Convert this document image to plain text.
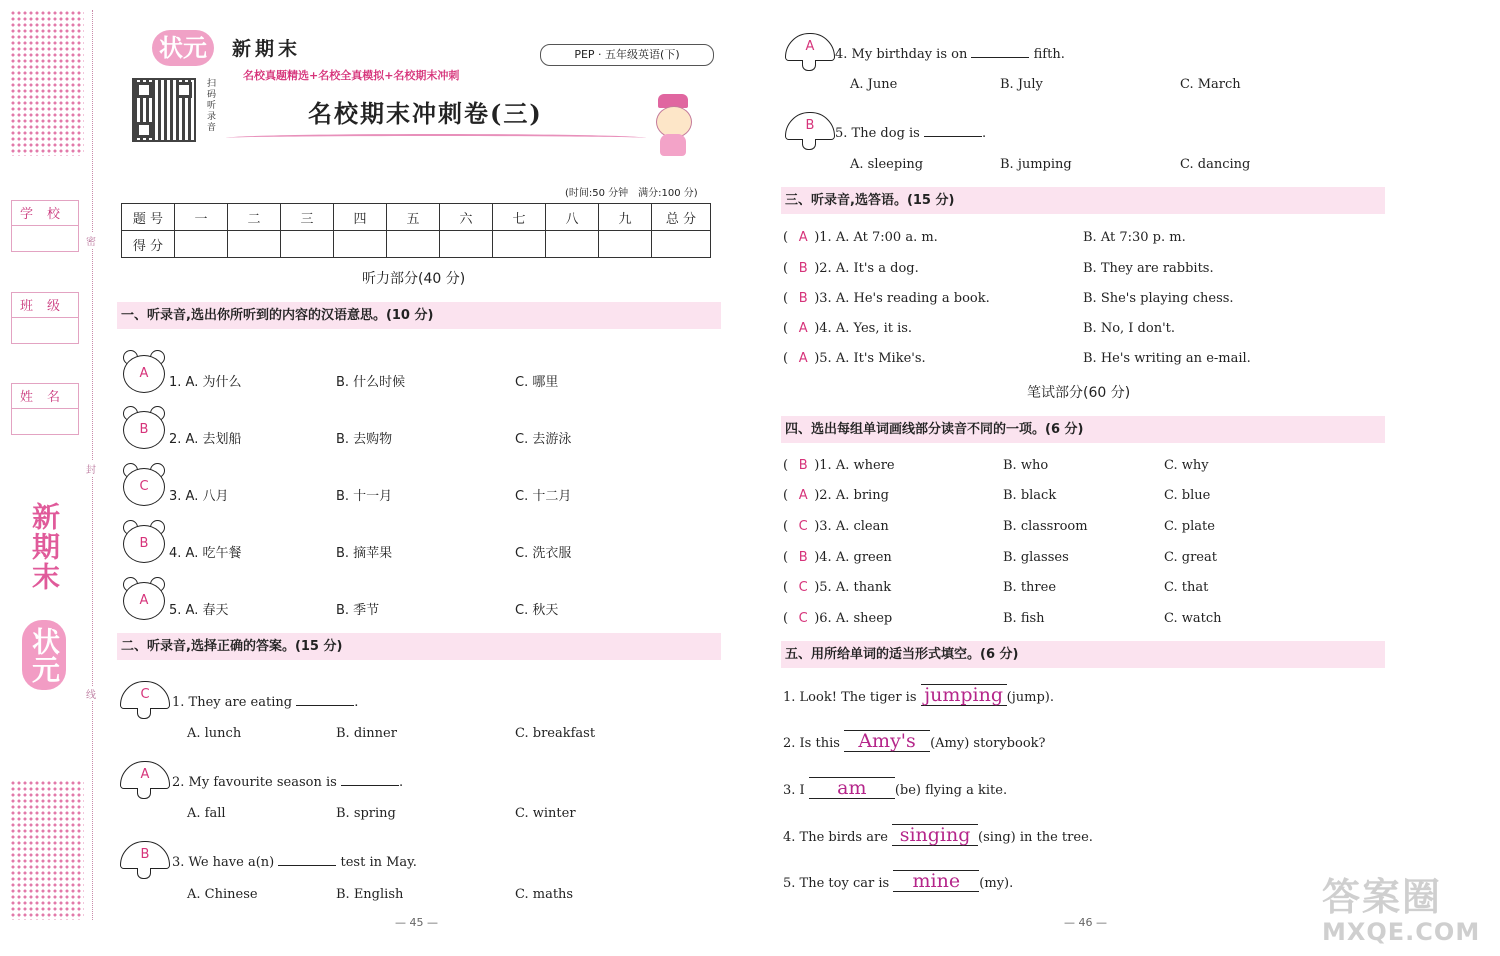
学校
班级
姓名
密
封
线
新期末
状元
状元	新期末
名校真题精选+名校全真模拟+名校期末冲刺
PEP · 五年级英语(下)
扫码听录音	名校期末冲刺卷(三)
(时间:50 分钟　满分:100 分)
题 号	一	二	三	四	五	六	七	八	九	总 分
得 分										
听力部分(40 分)
一、听录音,选出你所听到的内容的汉语意思。(10 分)
A
1. A. 为什么	B. 什么时候	C. 哪里
B
2. A. 去划船	B. 去购物	C. 去游泳
C
3. A. 八月	B. 十一月	C. 十二月
B
4. A. 吃午餐	B. 摘苹果	C. 洗衣服
A
5. A. 春天	B. 季节	C. 秋天
二、听录音,选择正确的答案。(15 分)
C
1. They are eating	.
A. lunch	B. dinner	C. breakfast
A
2. My favourite season is	.
A. fall	B. spring	C. winter
B
3. We have a(n)	test in May.
A. Chinese	B. English	C. maths
— 45 —
A
4. My birthday is on	fifth.
A. June	B. July	C. March
B
5. The dog is	.
A. sleeping	B. jumping	C. dancing
三、听录音,选答语。(15 分)
( A )1. A. At 7:00 a. m.	B. At 7:30 p. m.
( B )2. A. It's a dog.	B. They are rabbits.
( B )3. A. He's reading a book.	B. She's playing chess.
( A )4. A. Yes, it is.	B. No, I don't.
( A )5. A. It's Mike's.	B. He's writing an e-mail.
笔试部分(60 分)
四、选出每组单词画线部分读音不同的一项。(6 分)
( B )1. A. where	B. who	C. why
( A )2. A. bring	B. black	C. blue
( C )3. A. clean	B. classroom	C. plate
( B )4. A. green	B. glasses	C. great
( C )5. A. thank	B. three	C. that
( C )6. A. sheep	B. fish	C. watch
五、用所给单词的适当形式填空。(6 分)
1. Look! The tiger is jumping (jump).
2. Is this Amy's (Amy) storybook?
3. I am (be) flying a kite.
4. The birds are singing (sing) in the tree.
5. The toy car is mine (my).
— 46 —
答案圈
MXQE.COM
